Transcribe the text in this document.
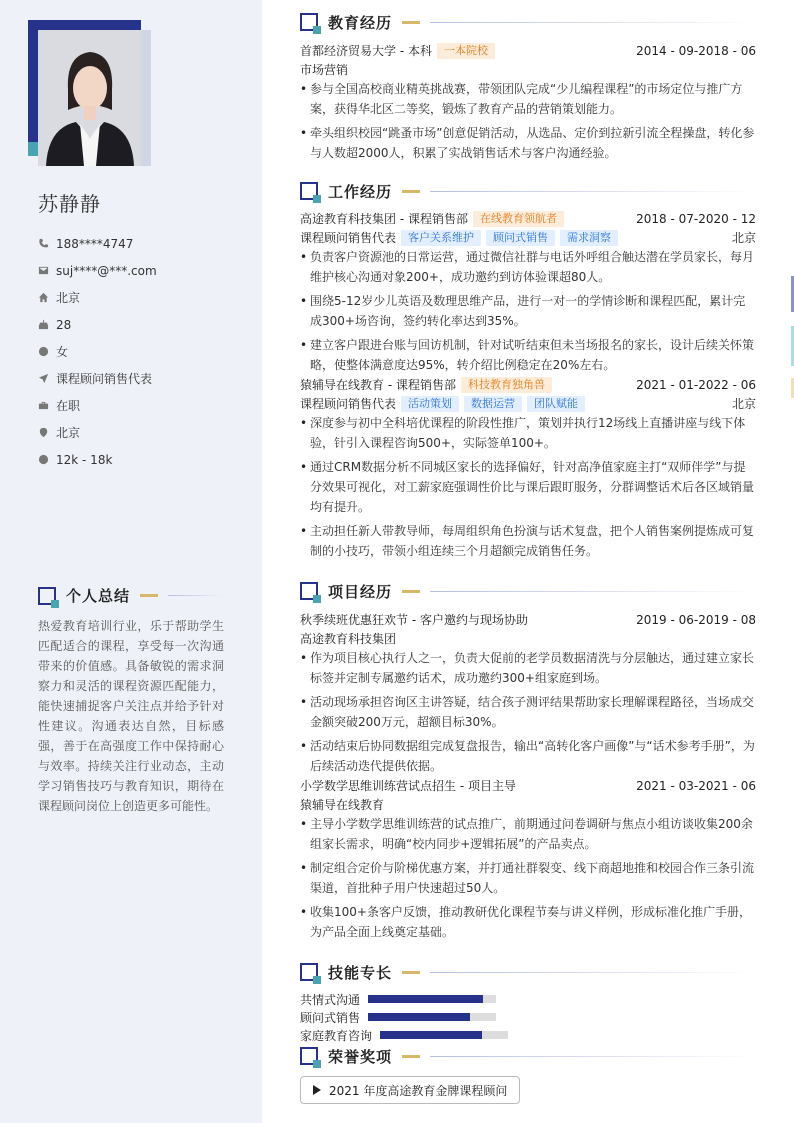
苏静静
188****4747
suj****@***.com
北京
28
女
课程顾问销售代表
在职
北京
12k - 18k
个人总结
热爱教育培训行业，乐于帮助学生匹配适合的课程，享受每一次沟通带来的价值感。具备敏锐的需求洞察力和灵活的课程资源匹配能力，能快速捕捉客户关注点并给予针对性建议。沟通表达自然，目标感强，善于在高强度工作中保持耐心与效率。持续关注行业动态，主动学习销售技巧与教育知识，期待在课程顾问岗位上创造更多可能性。
教育经历
首都经济贸易大学 - 本科	一本院校	2014 - 09-2018 - 06
市场营销
• 参与全国高校商业精英挑战赛，带领团队完成“少儿编程课程”的市场定位与推广方案，获得华北区二等奖，锻炼了教育产品的营销策划能力。
• 牵头组织校园“跳蚤市场”创意促销活动，从选品、定价到拉新引流全程操盘，转化参与人数超2000人，积累了实战销售话术与客户沟通经验。
工作经历
高途教育科技集团 - 课程销售部	在线教育领航者	2018 - 07-2020 - 12
课程顾问销售代表	客户关系维护	顾问式销售	需求洞察	北京
• 负责客户资源池的日常运营，通过微信社群与电话外呼组合触达潜在学员家长，每月维护核心沟通对象200+，成功邀约到访体验课超80人。
• 围绕5-12岁少儿英语及数理思维产品，进行一对一的学情诊断和课程匹配，累计完成300+场咨询，签约转化率达到35%。
• 建立客户跟进台账与回访机制，针对试听结束但未当场报名的家长，设计后续关怀策略，使整体满意度达95%，转介绍比例稳定在20%左右。
猿辅导在线教育 - 课程销售部	科技教育独角兽	2021 - 01-2022 - 06
课程顾问销售代表	活动策划	数据运营	团队赋能	北京
• 深度参与初中全科培优课程的阶段性推广，策划并执行12场线上直播讲座与线下体验，针引入课程咨询500+，实际签单100+。
• 通过CRM数据分析不同城区家长的选择偏好，针对高净值家庭主打“双师伴学”与提分效果可视化，对工薪家庭强调性价比与课后跟盯服务，分群调整话术后各区域销量均有提升。
• 主动担任新人带教导师，每周组织角色扮演与话术复盘，把个人销售案例提炼成可复制的小技巧，带领小组连续三个月超额完成销售任务。
项目经历
秋季续班优惠狂欢节 - 客户邀约与现场协助	2019 - 06-2019 - 08
高途教育科技集团
• 作为项目核心执行人之一，负责大促前的老学员数据清洗与分层触达，通过建立家长标签并定制专属邀约话术，成功邀约300+组家庭到场。
• 活动现场承担咨询区主讲答疑，结合孩子测评结果帮助家长理解课程路径，当场成交金额突破200万元，超额目标30%。
• 活动结束后协同数据组完成复盘报告，输出“高转化客户画像”与“话术参考手册”，为后续活动迭代提供依据。
小学数学思维训练营试点招生 - 项目主导	2021 - 03-2021 - 06
猿辅导在线教育
• 主导小学数学思维训练营的试点推广，前期通过问卷调研与焦点小组访谈收集200余组家长需求，明确“校内同步+逻辑拓展”的产品卖点。
• 制定组合定价与阶梯优惠方案，并打通社群裂变、线下商超地推和校园合作三条引流渠道，首批种子用户快速超过50人。
• 收集100+条客户反馈，推动教研优化课程节奏与讲义样例，形成标准化推广手册，为产品全面上线奠定基础。
技能专长
共情式沟通
顾问式销售
家庭教育咨询
荣誉奖项
2021 年度高途教育金牌课程顾问
